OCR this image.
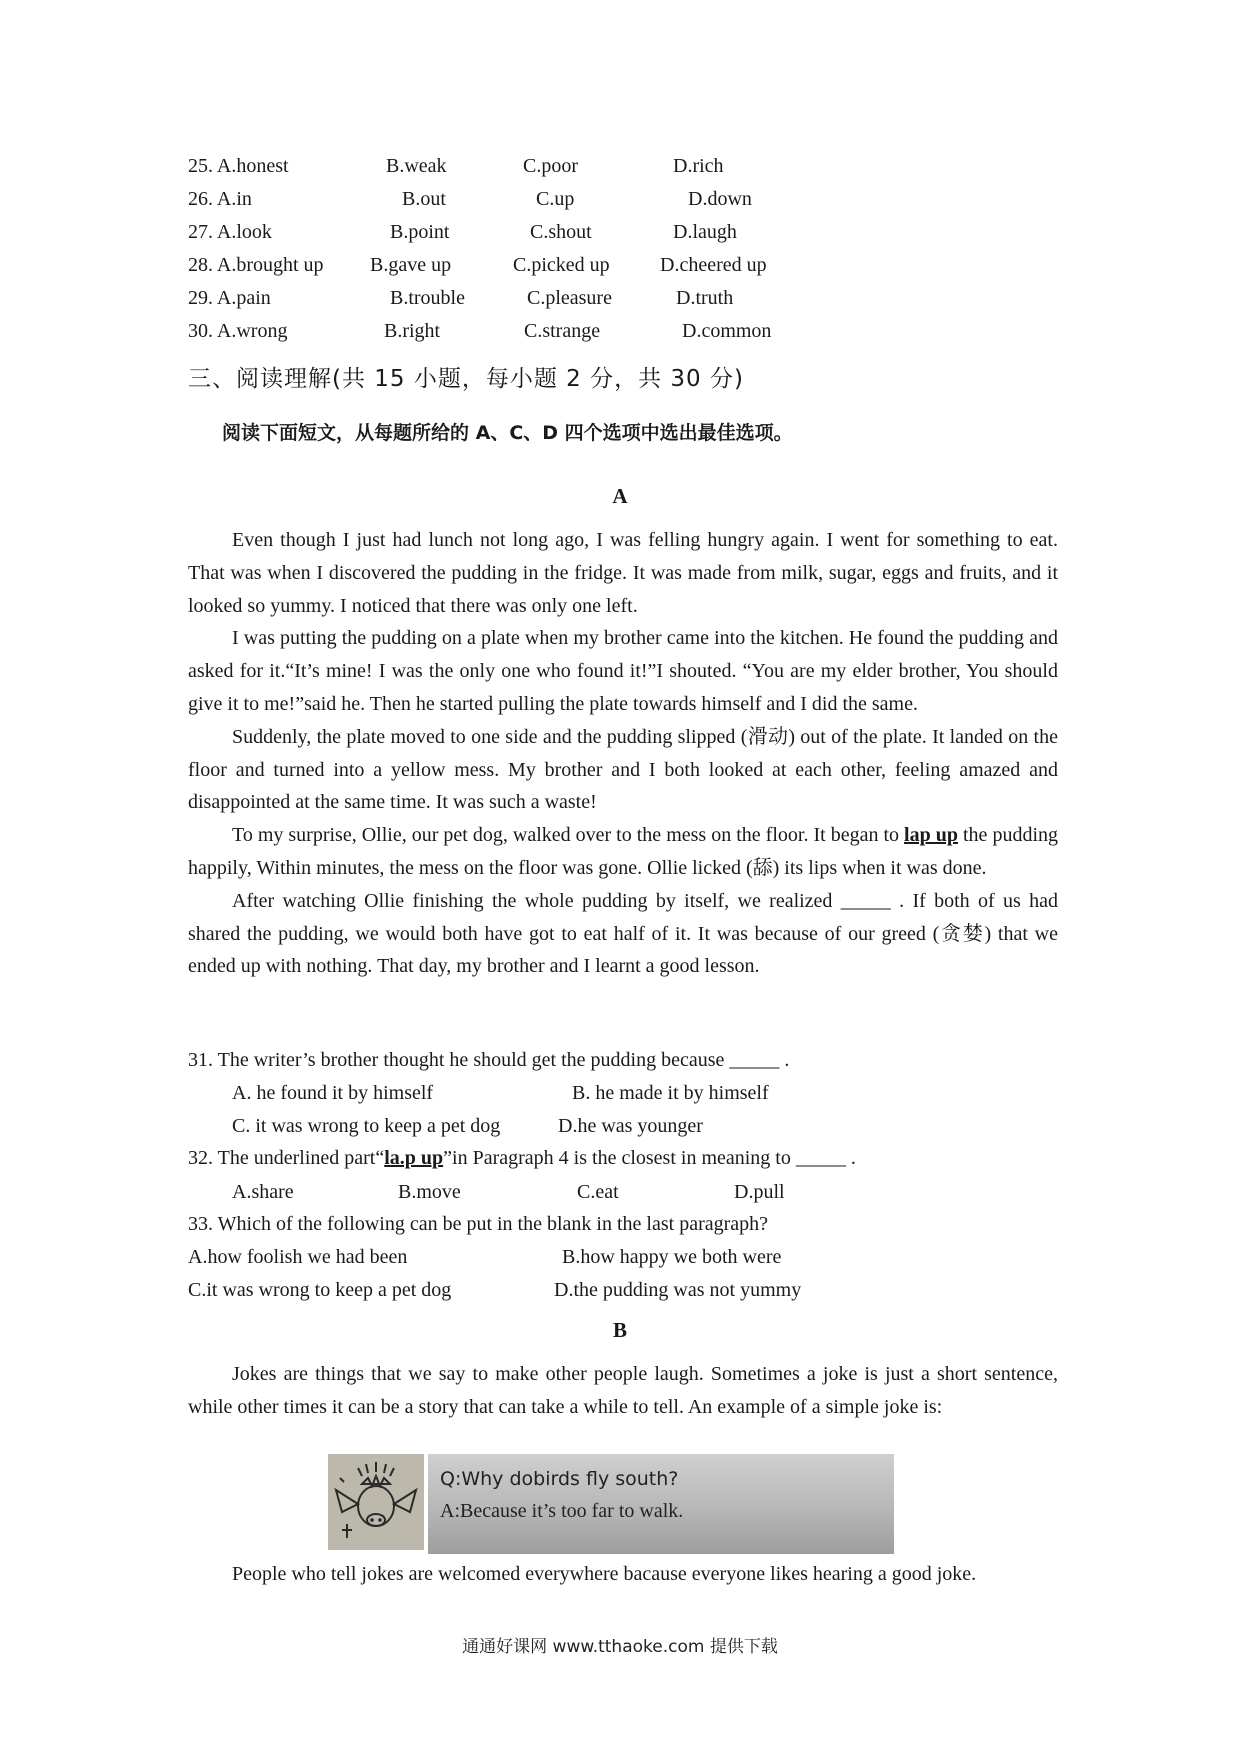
25. A.honest	B.weak	C.poor	D.rich
26. A.in	B.out	C.up	D.down
27. A.look	B.point	C.shout	D.laugh
28. A.brought up B.gave up	C.picked up	D.cheered up
29. A.pain	B.trouble	C.pleasure	D.truth
30. A.wrong	B.right	C.strange	D.common
三、阅读理解(共 15 小题，每小题 2 分，共 30 分)
阅读下面短文，从每题所给的 A、C、D 四个选项中选出最佳选项。
A

Even though I just had lunch not long ago, I was felling hungry again. I went for something to eat. That was when I discovered the pudding in the fridge. It was made from milk, sugar, eggs and fruits, and it looked so yummy. I noticed that there was only one left.

I was putting the pudding on a plate when my brother came into the kitchen. He found the pudding and asked for it.“It’s mine! I was the only one who found it!”I shouted. “You are my elder brother, You should give it to me!”said he. Then he started pulling the plate towards himself and I did the same.

Suddenly, the plate moved to one side and the pudding slipped (滑动) out of the plate. It landed on the floor and turned into a yellow mess. My brother and I both looked at each other, feeling amazed and disappointed at the same time. It was such a waste!

To my surprise, Ollie, our pet dog, walked over to the mess on the floor. It began to lap up the pudding happily, Within minutes, the mess on the floor was gone. Ollie licked (舔) its lips when it was done.

After watching Ollie finishing the whole pudding by itself, we realized _____ . If both of us had shared the pudding, we would both have got to eat half of it. It was because of our greed (贪婪) that we ended up with nothing. That day, my brother and I learnt a good lesson.

31. The writer’s brother thought he should get the pudding because _____ .
A. he found it by himself	B. he made it by himself
C. it was wrong to keep a pet dog	D.he was younger
32. The underlined part“la.p up”in Paragraph 4 is the closest in meaning to _____ .
A.share	B.move	C.eat	D.pull
33. Which of the following can be put in the blank in the last paragraph?
A.how foolish we had been	B.how happy we both were
C.it was wrong to keep a pet dog	D.the pudding was not yummy
B

Jokes are things that we say to make other people laugh. Sometimes a joke is just a short sentence, while other times it can be a story that can take a while to tell. An example of a simple joke is:

Q:Why dobirds fly south?
A:Because it’s too far to walk.

People who tell jokes are welcomed everywhere bacause everyone likes hearing a good joke.

通通好课网 www.tthaoke.com 提供下载
